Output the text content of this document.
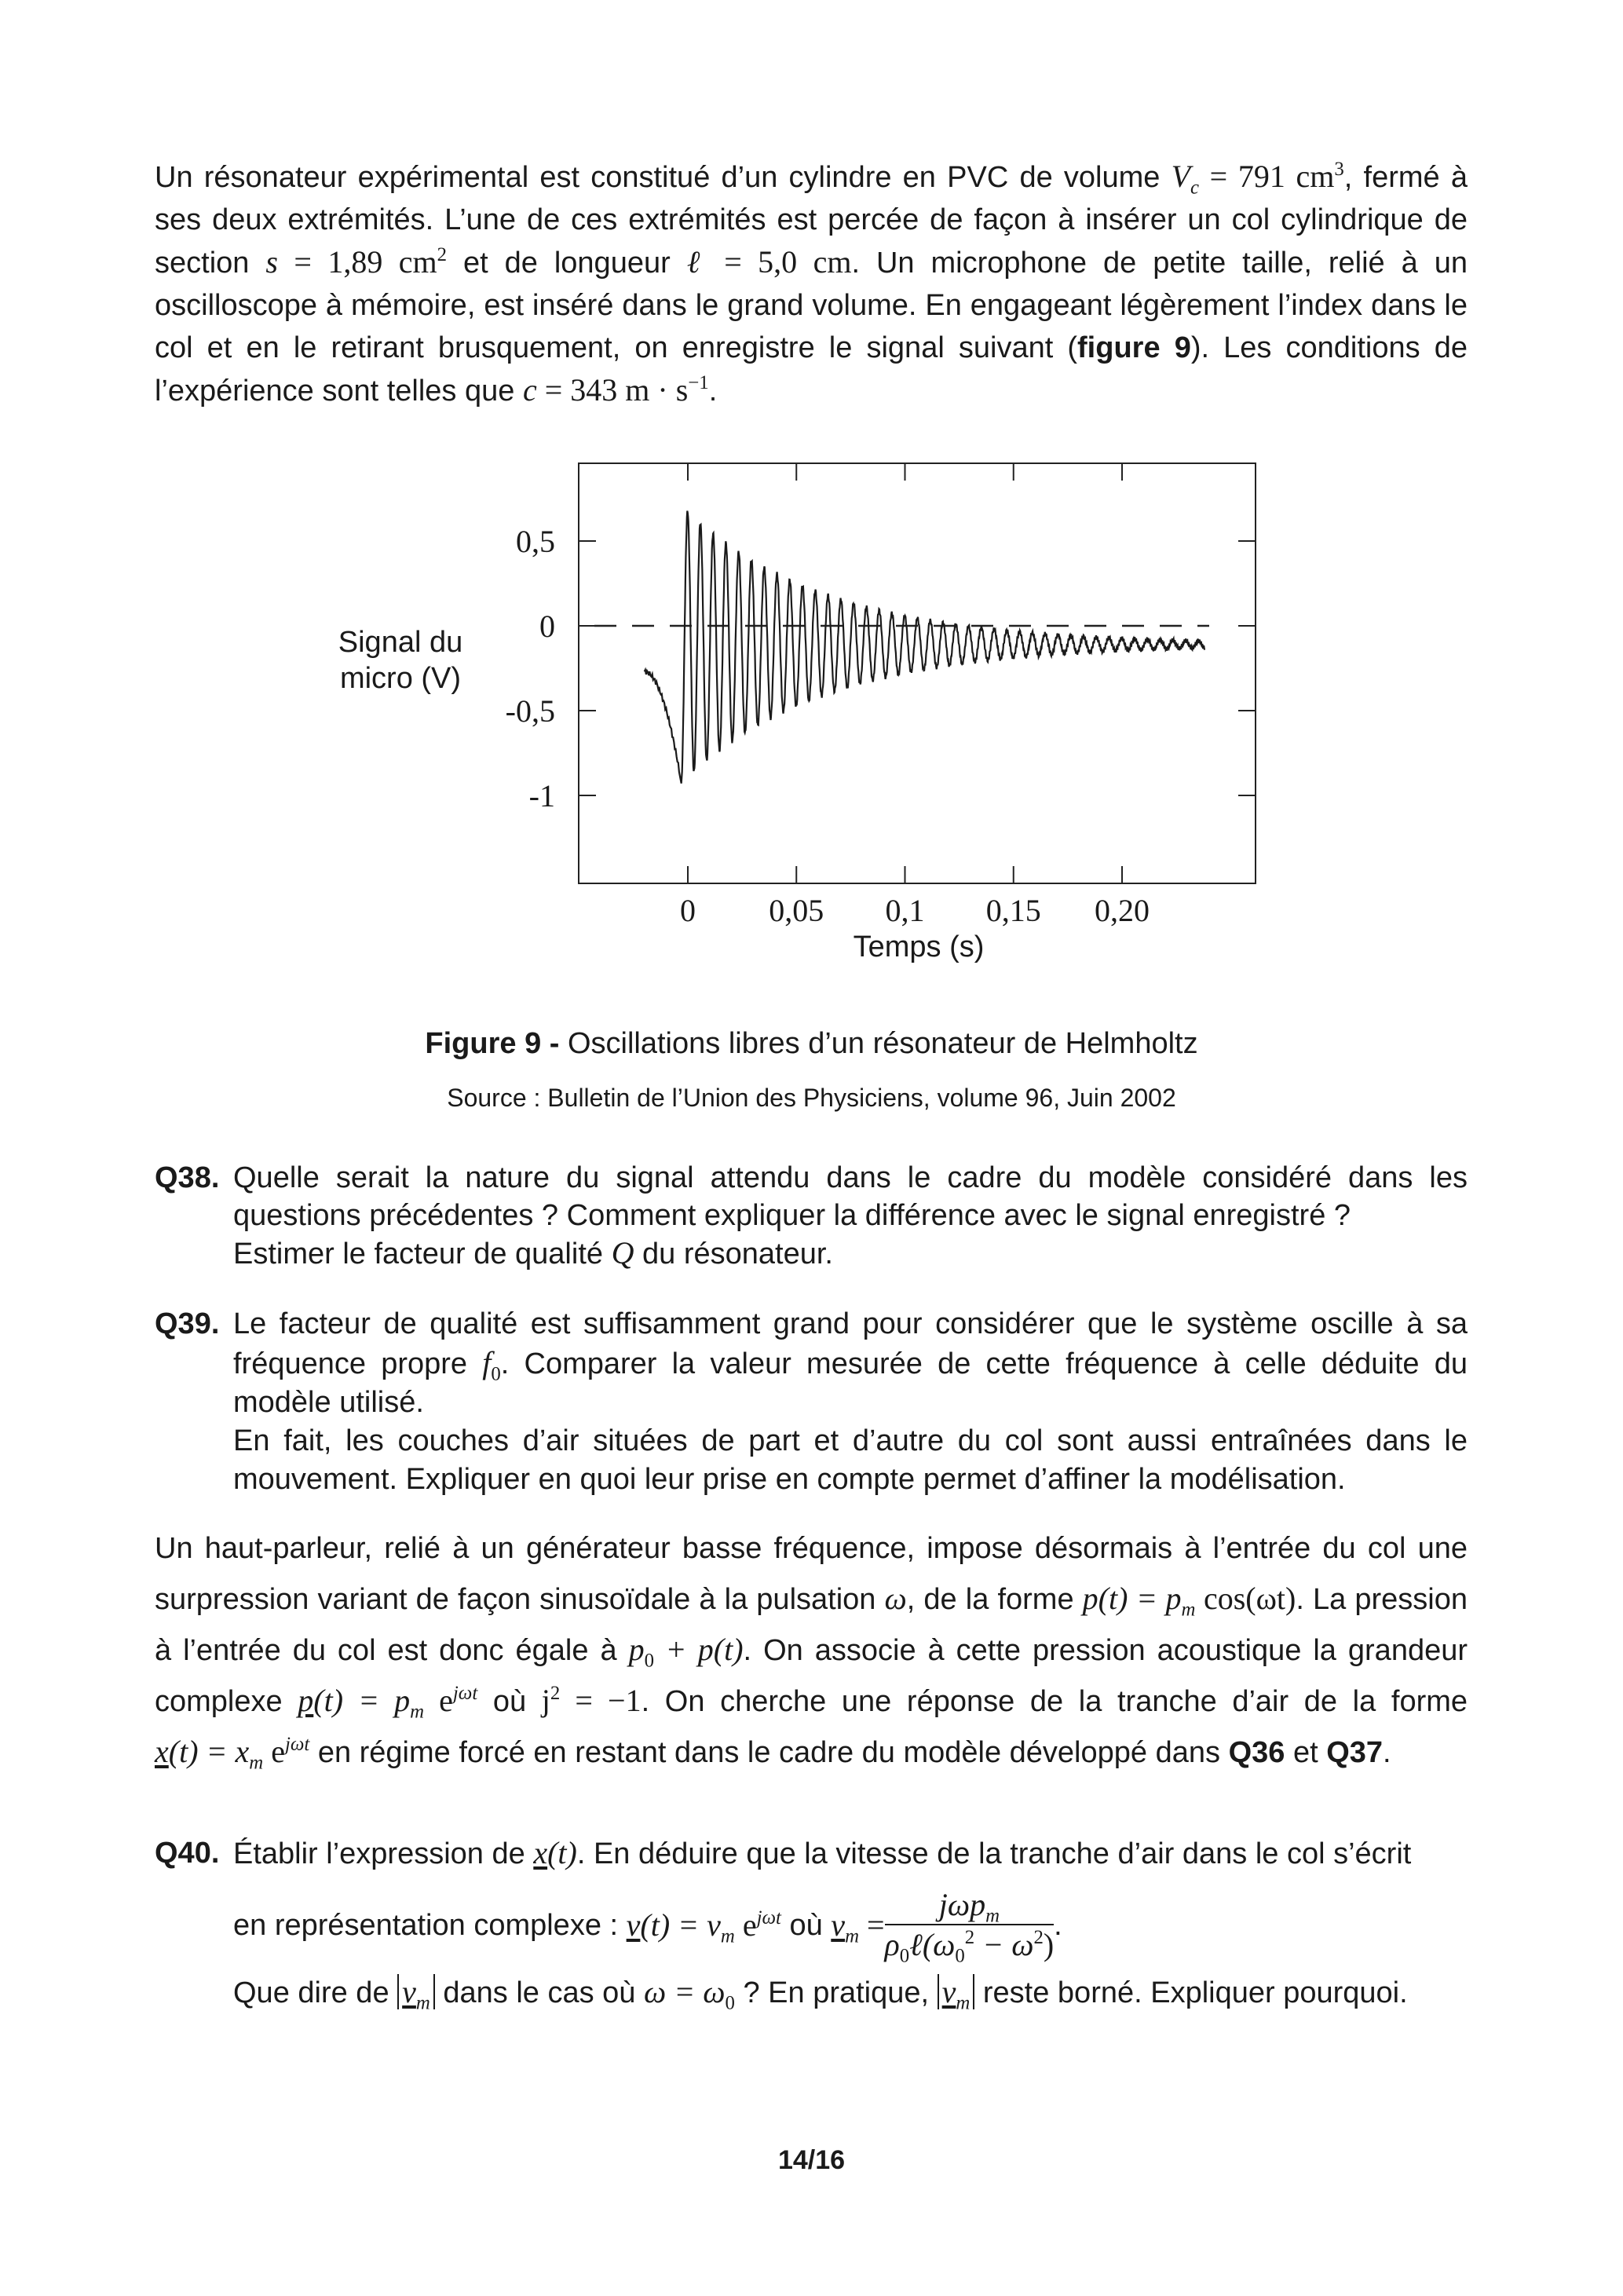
Un résonateur expérimental est constitué d’un cylindre en PVC de volume $V_c = 791$ $cm^3$, fermé à ses deux extrémités. L’une de ces extrémités est percée de façon à insérer un col cylindrique de section s = 1,89 $cm^2$ et de longueur ℓ = 5,0 cm. Un microphone de petite taille, relié à un oscilloscope à mémoire, est inséré dans le grand volume. En engageant légèrement l’index dans le col et en le retirant brusquement, on enregistre le signal suivant (figure 9). Les conditions de l’expérience sont telles que c = 343 $m \cdot s^{-1}$.

Signal du
micro (V)
0,5
0
-0,5
-1
0 0,05 0,1 0,15 0,20
Temps (s)
Figure 9 - Oscillations libres d’un résonateur de Helmholtz
Source : Bulletin de l’Union des Physiciens, volume 96, Juin 2002
Q38. Quelle serait la nature du signal attendu dans le cadre du modèle considéré dans les questions précédentes ? Comment expliquer la différence avec le signal enregistré ?
Estimer le facteur de qualité Q du résonateur.
Q39. Le facteur de qualité est suffisamment grand pour considérer que le système oscille à sa fréquence propre $f_0$. Comparer la valeur mesurée de cette fréquence à celle déduite du modèle utilisé.
En fait, les couches d’air situées de part et d’autre du col sont aussi entraînées dans le mouvement. Expliquer en quoi leur prise en compte permet d’affiner la modélisation.

Un haut-parleur, relié à un générateur basse fréquence, impose désormais à l’entrée du col une surpression variant de façon sinusoïdale à la pulsation ω, de la forme $p(t) = p_m$ cos(ωt). La pression à l’entrée du col est donc égale à $p_0 + p(t)$. On associe à cette pression acoustique la grandeur complexe $p(t) = p_m$ $e^{j\omega t}$ où $j^2 = -1$. On cherche une réponse de la tranche d’air de la forme $x(t) = x_m$ $e^{j\omega t}$ en régime forcé en restant dans le cadre du modèle développé dans Q36 et Q37.

Q40. Établir l’expression de x(t). En déduire que la vitesse de la tranche d’air dans le col s’écrit
en représentation complexe :
$v(t) = v_m$ $e^{j\omega t}$
où
$v_m = \frac{j\omega p_m}{\rho_0\ell(\omega_0^2 - \omega^2)}$ .
Que dire de $v_m$ dans le cas où $\omega = \omega_0$ ? En pratique, $v_m$ reste borné. Expliquer pourquoi.
14/16
